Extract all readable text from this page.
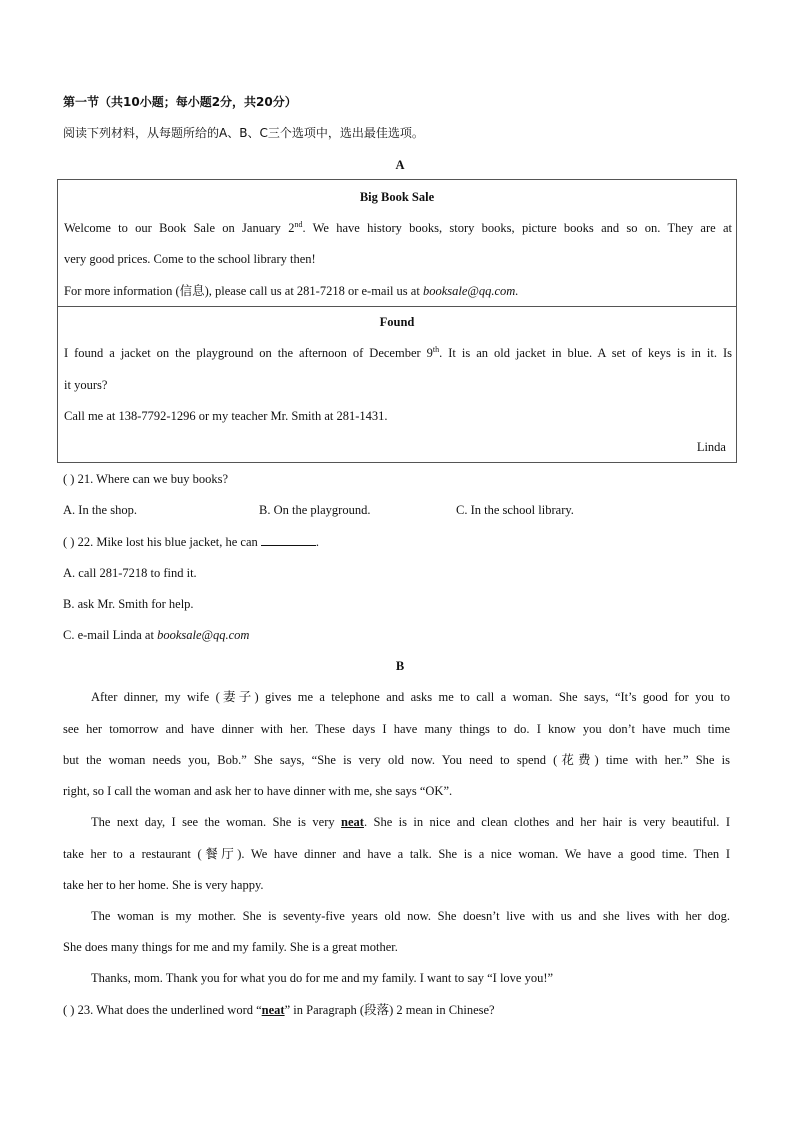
第一节（共10小题；每小题2分，共20分）
阅读下列材料，从每题所给的A、B、C三个选项中，选出最佳选项。
A
Big Book Sale
Welcome to our Book Sale on January 2nd. We have history books, story books, picture books and so on. They are at
very good prices. Come to the school library then!
For more information (信息), please call us at 281-7218 or e-mail us at booksale@qq.com.
Found
I found a jacket on the playground on the afternoon of December 9th. It is an old jacket in blue. A set of keys is in it. Is
it yours?
Call me at 138-7792-1296 or my teacher Mr. Smith at 281-1431.
Linda
( ) 21. Where can we buy books?
A. In the shop.	B. On the playground.	C. In the school library.
( ) 22. Mike lost his blue jacket, he can	.
A. call 281-7218 to find it.
B. ask Mr. Smith for help.
C. e-mail Linda at booksale@qq.com
B
After dinner, my wife (妻子) gives me a telephone and asks me to call a woman. She says, “It’s good for you to
see her tomorrow and have dinner with her. These days I have many things to do. I know you don’t have much time
but the woman needs you, Bob.” She says, “She is very old now. You need to spend (花费) time with her.” She is
right, so I call the woman and ask her to have dinner with me, she says “OK”.
The next day, I see the woman. She is very neat. She is in nice and clean clothes and her hair is very beautiful. I
take her to a restaurant (餐厅). We have dinner and have a talk. She is a nice woman. We have a good time. Then I
take her to her home. She is very happy.
The woman is my mother. She is seventy-five years old now. She doesn’t live with us and she lives with her dog.
She does many things for me and my family. She is a great mother.
Thanks, mom. Thank you for what you do for me and my family. I want to say “I love you!”
( ) 23. What does the underlined word “neat” in Paragraph (段落) 2 mean in Chinese?
